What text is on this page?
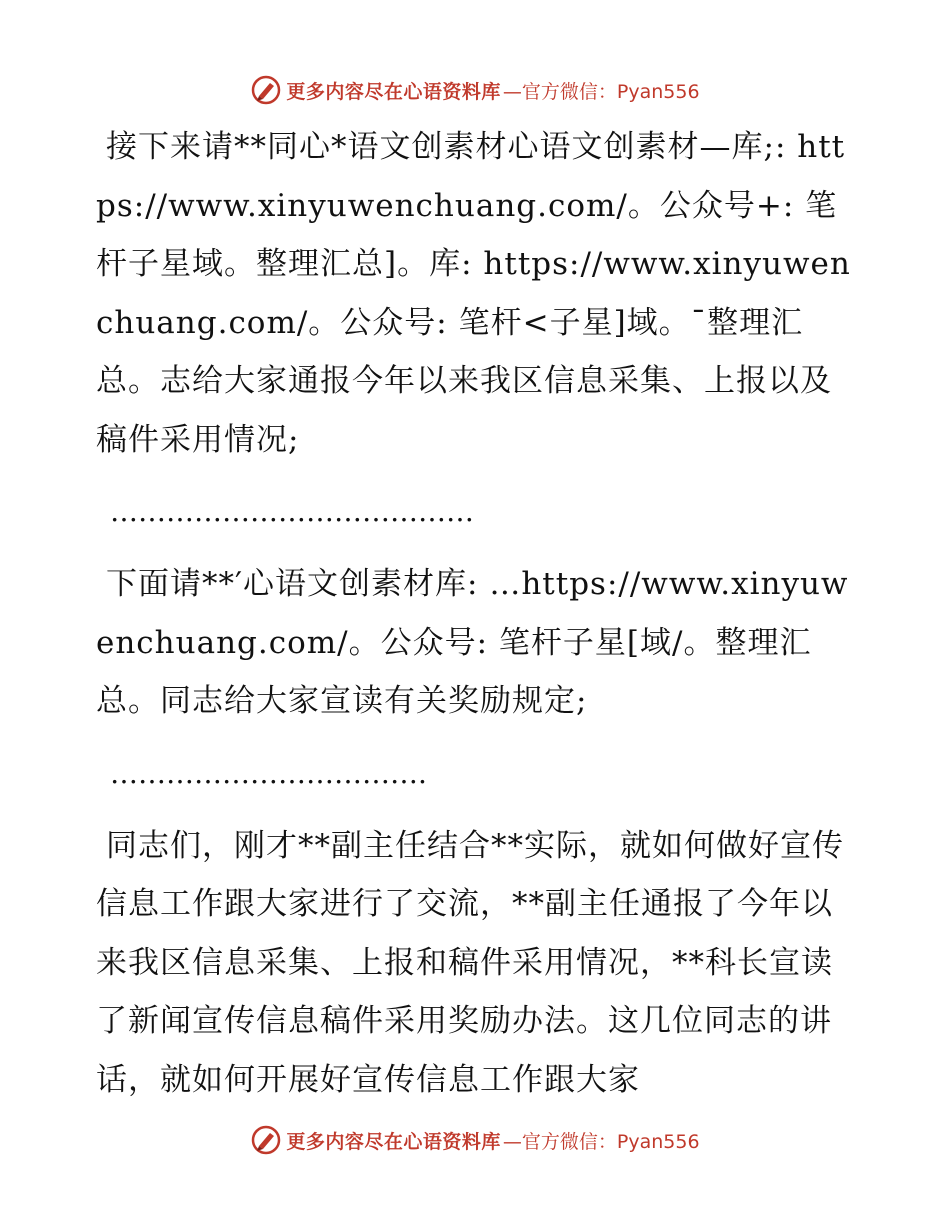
更多内容尽在心语资料库 —官方微信：Pyan556

接下来请**同心*语文创素材心语文创素材—库;: https://www.xinyuwenchuang.com/。公众号+: 笔杆子星域。整理汇总]。库: https://www.xinyuwenchuang.com/。公众号: 笔杆<子星]域。¯整理汇总。志给大家通报今年以来我区信息采集、上报以及稿件采用情况;

…………………………………

下面请**′心语文创素材库: …https://www.xinyuwenchuang.com/。公众号: 笔杆子星[域/。整理汇总。同志给大家宣读有关奖励规定;

…………………………….

同志们，刚才**副主任结合**实际，就如何做好宣传信息工作跟大家进行了交流，**副主任通报了今年以来我区信息采集、上报和稿件采用情况，**科长宣读了新闻宣传信息稿件采用奖励办法。这几位同志的讲话，就如何开展好宣传信息工作跟大家

更多内容尽在心语资料库 —官方微信：Pyan556
